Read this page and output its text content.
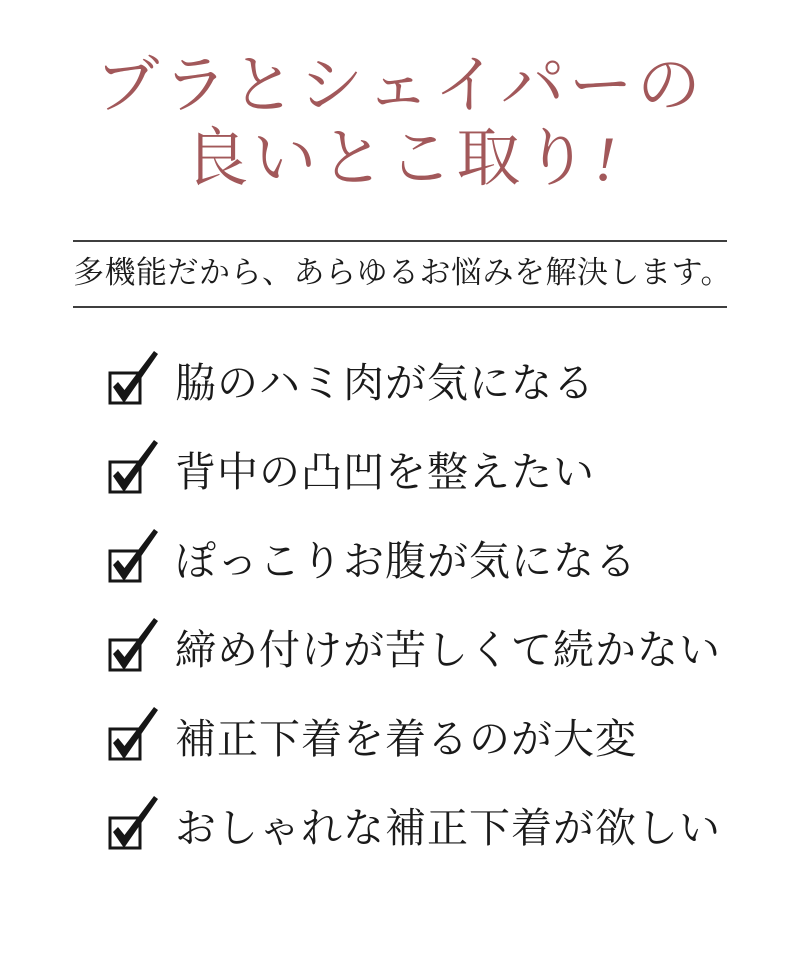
ブラとシェイパーの
良いとこ取り!
多機能だから、あらゆるお悩みを解決します。
脇のハミ肉が気になる
背中の凸凹を整えたい
ぽっこりお腹が気になる
締め付けが苦しくて続かない
補正下着を着るのが大変
おしゃれな補正下着が欲しい
